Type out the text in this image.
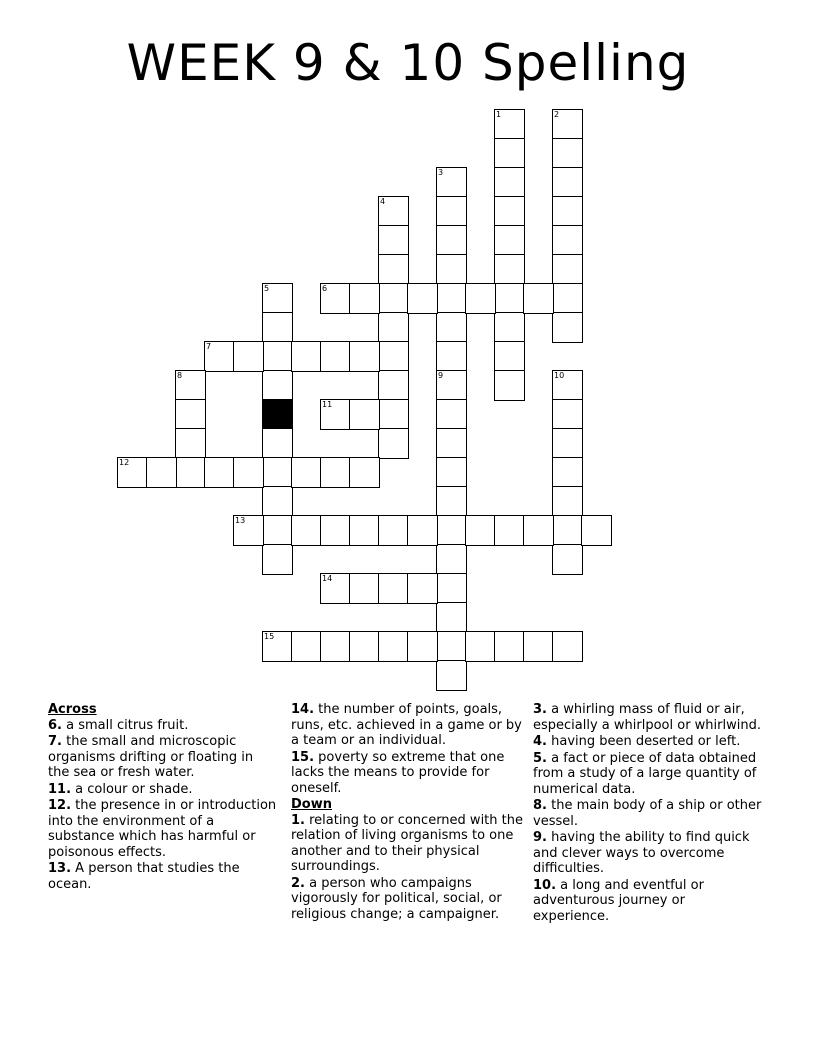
WEEK 9 & 10 Spelling
1	2
3
4
5	6
7
8	9	10
11
12
13
14
15
Across
6. a small citrus fruit.
7. the small and microscopic organisms drifting or floating in the sea or fresh water.
11. a colour or shade.
12. the presence in or introduction into the environment of a substance which has harmful or poisonous effects.
13. A person that studies the ocean.
14. the number of points, goals, runs, etc. achieved in a game or by a team or an individual.
15. poverty so extreme that one lacks the means to provide for oneself.
Down
1. relating to or concerned with the relation of living organisms to one another and to their physical surroundings.
2. a person who campaigns vigorously for political, social, or religious change; a campaigner.
3. a whirling mass of fluid or air, especially a whirlpool or whirlwind.
4. having been deserted or left.
5. a fact or piece of data obtained from a study of a large quantity of numerical data.
8. the main body of a ship or other vessel.
9. having the ability to find quick and clever ways to overcome difficulties.
10. a long and eventful or adventurous journey or experience.
